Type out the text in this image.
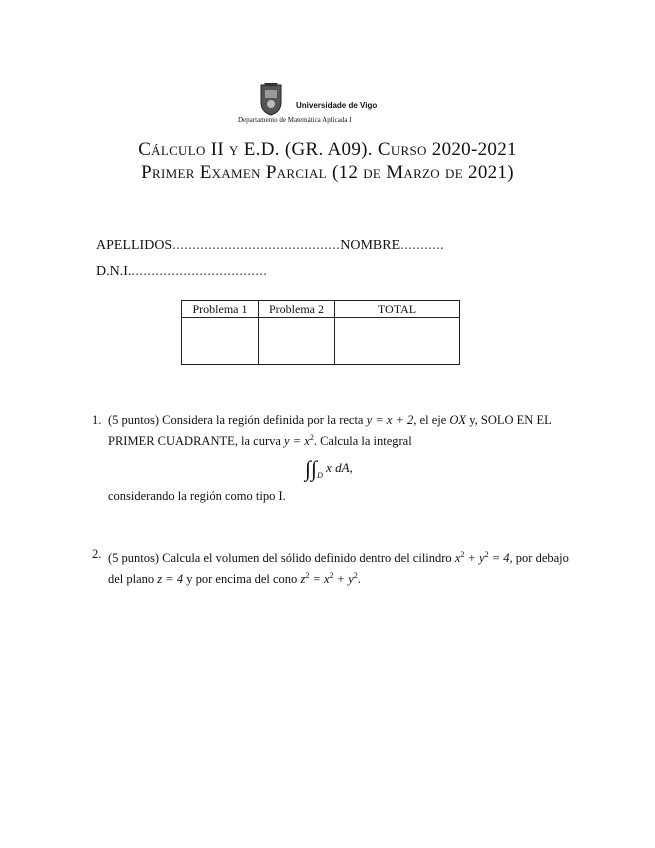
Universidade de Vigo
Departamento de Matemática Aplicada I
Cálculo II y E.D. (GR. A09). Curso 2020-2021
Primer Examen Parcial (12 de Marzo de 2021)
APELLIDOS..........................................NOMBRE...........
D.N.I...................................
Problema 1	Problema 2	TOTAL

1. (5 puntos) Considera la región definida por la recta y = x + 2, el eje OX y, SOLO EN EL PRIMER CUADRANTE, la curva $y = x^2$. Calcula la integral
$\int\int_D$ x dA,
considerando la región como tipo I.
2. (5 puntos) Calcula el volumen del sólido definido dentro del cilindro $x^2 + y^2 = 4$, por debajo del plano z = 4 y por encima del cono $z^2 = x^2 + y^2$.
